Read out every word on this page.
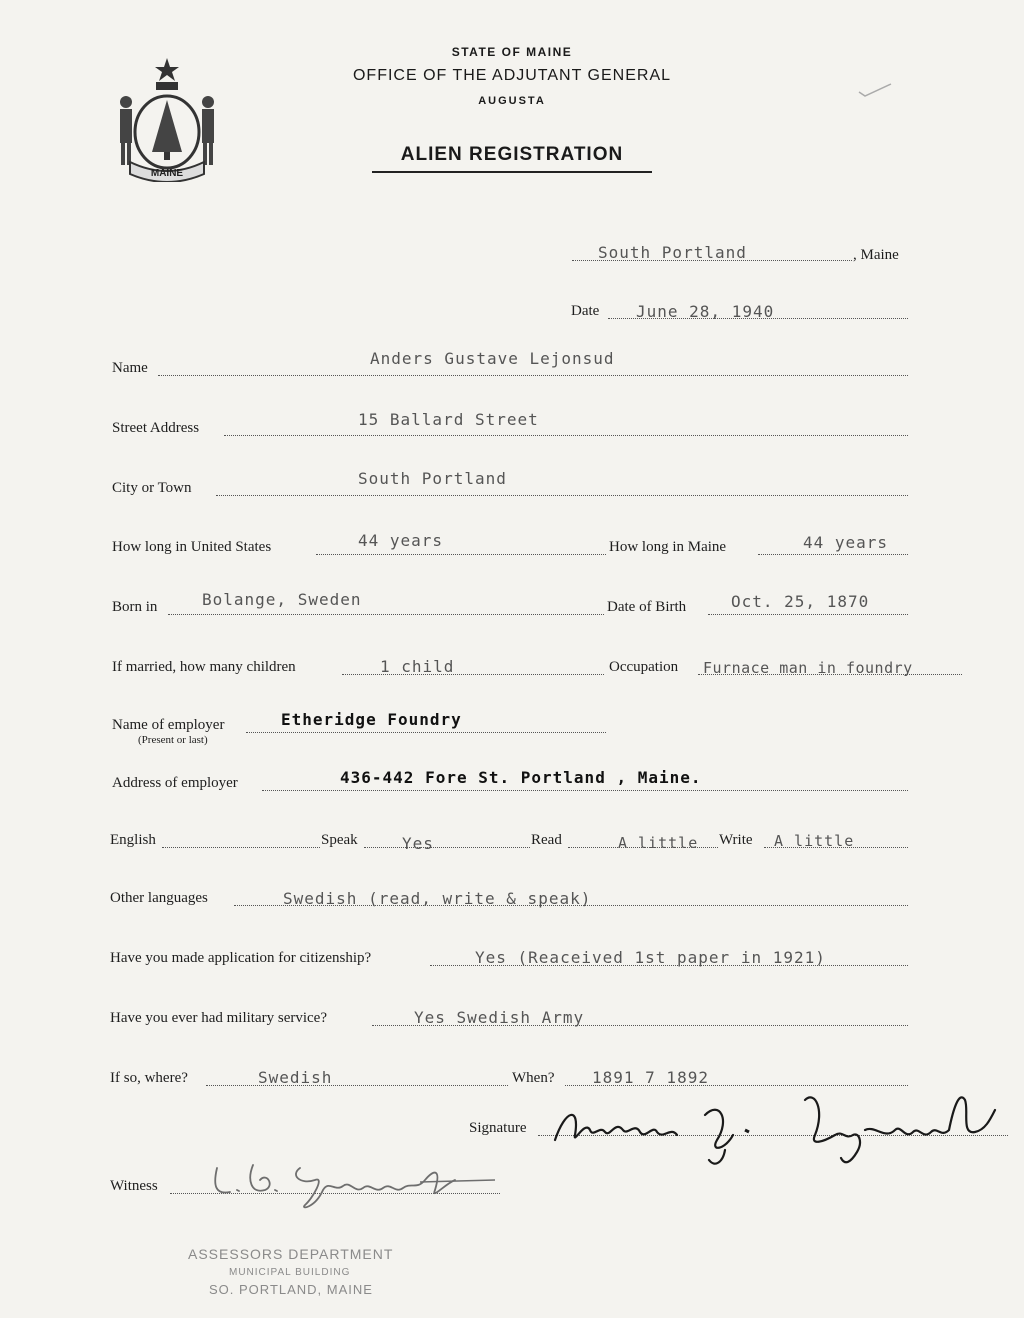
MAINE
STATE OF MAINE
OFFICE OF THE ADJUTANT GENERAL
AUGUSTA
ALIEN REGISTRATION
South Portland	, Maine
Date June 28, 1940
Name	Anders Gustave Lejonsud
Street Address	15 Ballard Street
City or Town	South Portland
How long in United States	44 years	How long in Maine	44 years
Born in	Bolange, Sweden	Date of Birth	Oct. 25, 1870
If married, how many children	1 child	Occupation Furnace man in foundry
Name of employer
(Present or last)
Etheridge Foundry
Address of employer	436-442 Fore St. Portland , Maine.
English	Speak	Yes	Read	A little Write A little
Other languages	Swedish (read, write & speak)
Have you made application for citizenship?	Yes (Reaceived 1st paper in 1921)
Have you ever had military service?	Yes Swedish Army
If so, where?	Swedish	When? 1891 7 1892
Signature
Witness
ASSESSORS DEPARTMENT
MUNICIPAL BUILDING
SO. PORTLAND, MAINE
